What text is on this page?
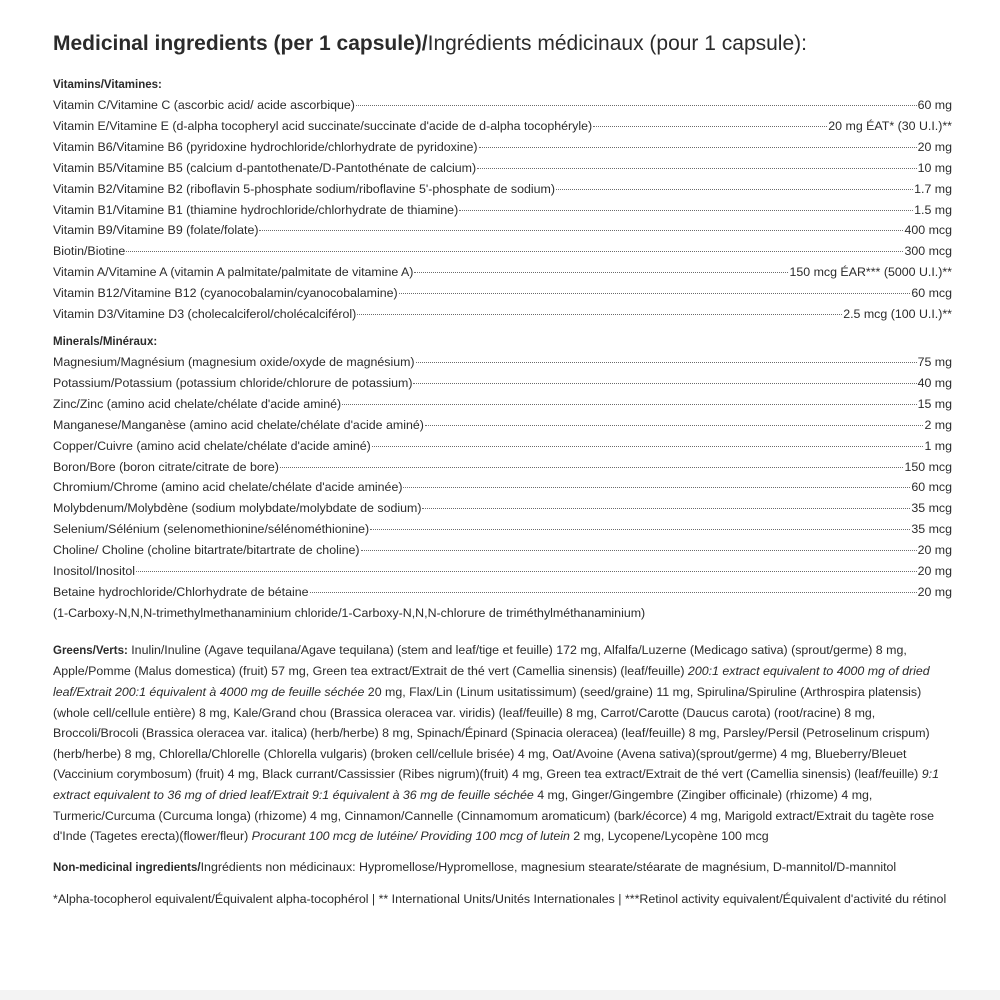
Medicinal ingredients (per 1 capsule)/Ingrédients médicinaux (pour 1 capsule):
Vitamins/Vitamines:
Vitamin C/Vitamine C (ascorbic acid/ acide ascorbique)	60 mg
Vitamin E/Vitamine E (d-alpha tocopheryl acid succinate/succinate d'acide de d-alpha tocophéryle)	20 mg ÉAT* (30 U.I.)**
Vitamin B6/Vitamine B6 (pyridoxine hydrochloride/chlorhydrate de pyridoxine)	20 mg
Vitamin B5/Vitamine B5 (calcium d-pantothenate/D-Pantothénate de calcium)	10 mg
Vitamin B2/Vitamine B2 (riboflavin 5-phosphate sodium/riboflavine 5'-phosphate de sodium)	1.7 mg
Vitamin B1/Vitamine B1 (thiamine hydrochloride/chlorhydrate de thiamine)	1.5 mg
Vitamin B9/Vitamine B9 (folate/folate)	400 mcg
Biotin/Biotine	300 mcg
Vitamin A/Vitamine A (vitamin A palmitate/palmitate de vitamine A)	150 mcg ÉAR*** (5000 U.I.)**
Vitamin B12/Vitamine B12 (cyanocobalamin/cyanocobalamine)	60 mcg
Vitamin D3/Vitamine D3 (cholecalciferol/cholécalciférol)	2.5 mcg (100 U.I.)**
Minerals/Minéraux:
Magnesium/Magnésium (magnesium oxide/oxyde de magnésium)	75 mg
Potassium/Potassium (potassium chloride/chlorure de potassium)	40 mg
Zinc/Zinc (amino acid chelate/chélate d'acide aminé)	15 mg
Manganese/Manganèse (amino acid chelate/chélate d'acide aminé)	2 mg
Copper/Cuivre (amino acid chelate/chélate d'acide aminé)	1 mg
Boron/Bore (boron citrate/citrate de bore)	150 mcg
Chromium/Chrome (amino acid chelate/chélate d'acide aminée)	60 mcg
Molybdenum/Molybdène (sodium molybdate/molybdate de sodium)	35 mcg
Selenium/Sélénium (selenomethionine/sélénométhionine)	35 mcg
Choline/ Choline (choline bitartrate/bitartrate de choline)	20 mg
Inositol/Inositol	20 mg
Betaine hydrochloride/Chlorhydrate de bétaine	20 mg
(1-Carboxy-N,N,N-trimethylmethanaminium chloride/1-Carboxy-N,N,N-chlorure de triméthylméthanaminium)

Greens/Verts: Inulin/Inuline (Agave tequilana/Agave tequilana) (stem and leaf/tige et feuille) 172 mg, Alfalfa/Luzerne (Medicago sativa) (sprout/germe) 8 mg, Apple/Pomme (Malus domestica) (fruit) 57 mg, Green tea extract/Extrait de thé vert (Camellia sinensis) (leaf/feuille) 200:1 extract equivalent to 4000 mg of dried leaf/Extrait 200:1 équivalent à 4000 mg de feuille séchée 20 mg, Flax/Lin (Linum usitatissimum) (seed/graine) 11 mg, Spirulina/Spiruline (Arthrospira platensis)(whole cell/cellule entière) 8 mg, Kale/Grand chou (Brassica oleracea var. viridis) (leaf/feuille) 8 mg, Carrot/Carotte (Daucus carota) (root/racine) 8 mg, Broccoli/Brocoli (Brassica oleracea var. italica) (herb/herbe) 8 mg, Spinach/Épinard (Spinacia oleracea) (leaf/feuille) 8 mg, Parsley/Persil (Petroselinum crispum) (herb/herbe) 8 mg, Chlorella/Chlorelle (Chlorella vulgaris) (broken cell/cellule brisée) 4 mg, Oat/Avoine (Avena sativa)(sprout/germe) 4 mg, Blueberry/Bleuet (Vaccinium corymbosum) (fruit) 4 mg, Black currant/Cassissier (Ribes nigrum)(fruit) 4 mg, Green tea extract/Extrait de thé vert (Camellia sinensis) (leaf/feuille) 9:1 extract equivalent to 36 mg of dried leaf/Extrait 9:1 équivalent à 36 mg de feuille séchée 4 mg, Ginger/Gingembre (Zingiber officinale) (rhizome) 4 mg, Turmeric/Curcuma (Curcuma longa) (rhizome) 4 mg, Cinnamon/Cannelle (Cinnamomum aromaticum) (bark/écorce) 4 mg, Marigold extract/Extrait du tagète rose d'Inde (Tagetes erecta)(flower/fleur) Procurant 100 mcg de lutéine/ Providing 100 mcg of lutein 2 mg, Lycopene/Lycopène 100 mcg

Non-medicinal ingredients/Ingrédients non médicinaux: Hypromellose/Hypromellose, magnesium stearate/stéarate de magnésium, D-mannitol/D-mannitol

*Alpha-tocopherol equivalent/Équivalent alpha-tocophérol | ** International Units/Unités Internationales | ***Retinol activity equivalent/Équivalent d'activité du rétinol
